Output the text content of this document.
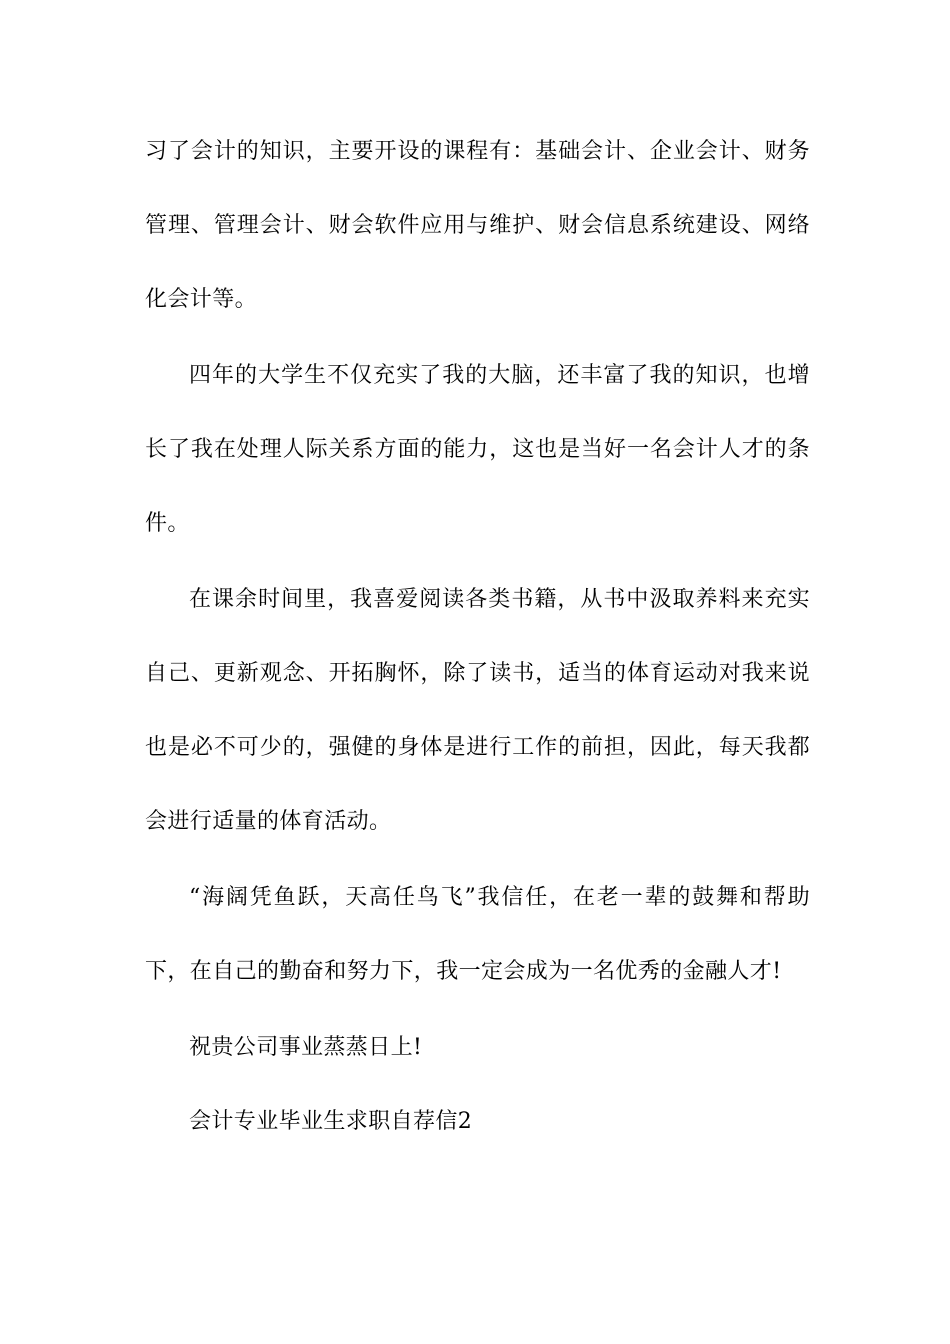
习了会计的知识，主要开设的课程有：基础会计、企业会计、财务
管理、管理会计、财会软件应用与维护、财会信息系统建设、网络
化会计等。
四年的大学生不仅充实了我的大脑，还丰富了我的知识，也增
长了我在处理人际关系方面的能力，这也是当好一名会计人才的条
件。
在课余时间里，我喜爱阅读各类书籍，从书中汲取养料来充实
自己、更新观念、开拓胸怀，除了读书，适当的体育运动对我来说
也是必不可少的，强健的身体是进行工作的前担，因此，每天我都
会进行适量的体育活动。
“海阔凭鱼跃，天高任鸟飞”我信任，在老一辈的鼓舞和帮助
下，在自己的勤奋和努力下，我一定会成为一名优秀的金融人才!
祝贵公司事业蒸蒸日上!
会计专业毕业生求职自荐信2
